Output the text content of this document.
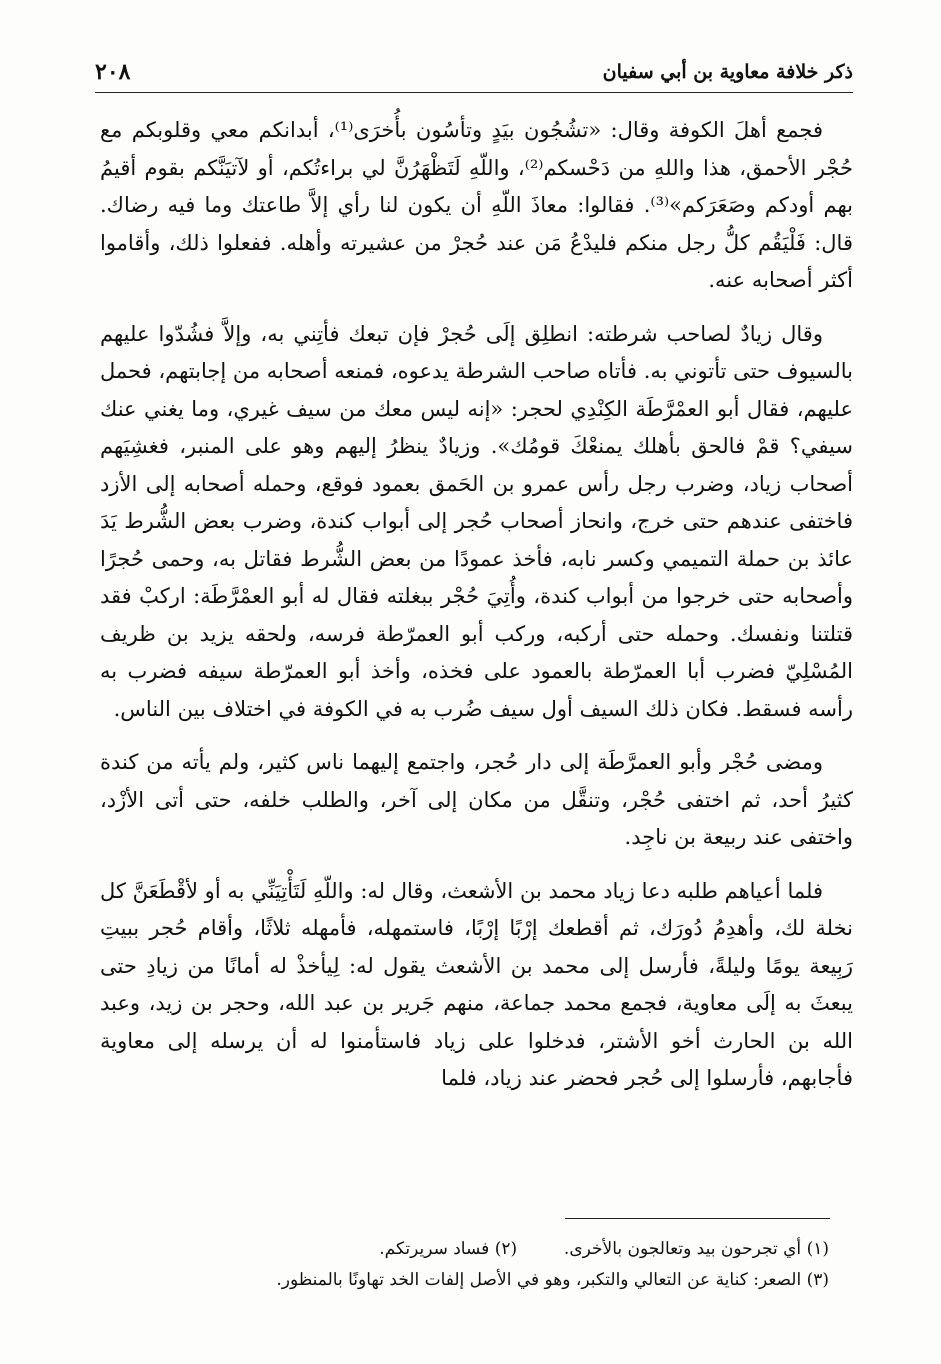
ذكر خلافة معاوية بن أبي سفيان
٢٠٨

فجمع أهلَ الكوفة وقال: «تشُجُون بيَدٍ وتأسُون بأُخرَى⁽¹⁾، أبدانكم معي وقلوبكم مع حُجْر الأحمق، هذا واللهِ من دَحْسكم⁽²⁾، واللّهِ لَتَظْهَرُنَّ لي براءتُكم، أو لآتيَنَّكم بقوم أقيمُ بهم أودكم وصَعَرَكم»⁽³⁾. فقالوا: معاذَ اللّهِ أن يكون لنا رأي إلاَّ طاعتك وما فيه رضاك. قال: فَلْيَقُم كلُّ رجل منكم فليدْعُ مَن عند حُجرْ من عشيرته وأهله. ففعلوا ذلك، وأقاموا أكثر أصحابه عنه.

وقال زيادٌ لصاحب شرطته: انطلِق إلَى حُجرْ فإن تبعك فأتِني به، وإلاَّ فشُدّوا عليهم بالسيوف حتى تأتوني به. فأتاه صاحب الشرطة يدعوه، فمنعه أصحابه من إجابتهم، فحمل عليهم، فقال أبو العمْرَّطَة الكِنْدِي لحجر: «إنه ليس معك من سيف غيري، وما يغني عنك سيفي؟ قمْ فالحق بأهلك يمنعْكَ قومُك». وزيادٌ ينظرُ إليهم وهو على المنبر، فغشِيَهم أصحاب زياد، وضرب رجل رأس عمرو بن الحَمق بعمود فوقع، وحمله أصحابه إلى الأزد فاختفى عندهم حتى خرج، وانحاز أصحاب حُجر إلى أبواب كندة، وضرب بعض الشُّرط يَدَ عائذ بن حملة التميمي وكسر نابه، فأخذ عمودًا من بعض الشُّرط فقاتل به، وحمى حُجرًا وأصحابه حتى خرجوا من أبواب كندة، وأُتِيَ حُجْر ببغلته فقال له أبو العمْرَّطَة: اركبْ فقد قتلتنا ونفسك. وحمله حتى أركبه، وركب أبو العمرّطة فرسه، ولحقه يزيد بن ظريف المُسْلِيّ فضرب أبا العمرّطة بالعمود على فخذه، وأخذ أبو العمرّطة سيفه فضرب به رأسه فسقط. فكان ذلك السيف أول سيف ضُرب به في الكوفة في اختلاف بين الناس.

ومضى حُجْر وأبو العمرَّطَة إلى دار حُجر، واجتمع إليهما ناس كثير، ولم يأته من كندة كثيرُ أحد، ثم اختفى حُجْر، وتنقَّل من مكان إلى آخر، والطلب خلفه، حتى أتى الأزْد، واختفى عند ربيعة بن ناجِد.

فلما أعياهم طلبه دعا زياد محمد بن الأشعث، وقال له: واللّهِ لَتَأْتِيَنِّي به أو لأقْطَعَنَّ كل نخلة لك، وأهدِمُ دُورَك، ثم أقطعك إرْبًا إرْبًا، فاستمهله، فأمهله ثلاثًا، وأقام حُجر ببيتِ رَبِيعة يومًا وليلةً، فأرسل إلى محمد بن الأشعث يقول له: لِيأخذْ له أمانًا من زيادِ حتى يبعثَ به إلَى معاوية، فجمع محمد جماعة، منهم جَرير بن عبد الله، وحجر بن زيد، وعبد الله بن الحارث أخو الأشتر، فدخلوا على زياد فاستأمنوا له أن يرسله إلى معاوية فأجابهم، فأرسلوا إلى حُجر فحضر عند زياد، فلما

(١) أي تجرحون بيد وتعالجون بالأخرى.  (٢) فساد سريرتكم.
(٣) الصعر: كناية عن التعالي والتكبر، وهو في الأصل إلفات الخد تهاونًا بالمنظور.
